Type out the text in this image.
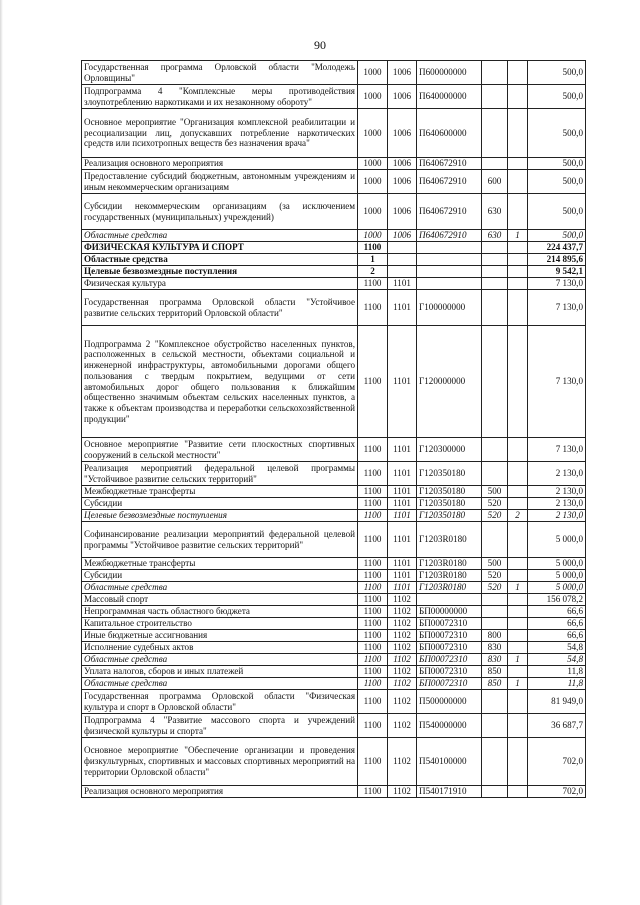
90
Государственная программа Орловской области "Молодежь Орловщины"	1000	1006	П600000000			500,0
Подпрограмма 4 "Комплексные меры противодействия злоупотреблению наркотиками и их незаконному обороту"	1000	1006	П640000000			500,0
Основное мероприятие "Организация комплексной реабилитации и ресоциализации лиц, допускавших потребление наркотических средств или психотропных веществ без назначения врача"	1000	1006	П640600000			500,0
Реализация основного мероприятия	1000	1006	П640672910			500,0
Предоставление субсидий бюджетным, автономным учреждениям и иным некоммерческим организациям	1000	1006	П640672910	600		500,0
Субсидии некоммерческим организациям (за исключением государственных (муниципальных) учреждений)	1000	1006	П640672910	630		500,0
Областные средства	1000	1006	П640672910	630	1	500,0
ФИЗИЧЕСКАЯ КУЛЬТУРА И СПОРТ	1100					224 437,7
Областные средства	1					214 895,6
Целевые безвозмездные поступления	2					9 542,1
Физическая культура	1100	1101				7 130,0
Государственная программа Орловской области "Устойчивое развитие сельских территорий Орловской области"	1100	1101	Г100000000			7 130,0
Подпрограмма 2 "Комплексное обустройство населенных пунктов, расположенных в сельской местности, объектами социальной и инженерной инфраструктуры, автомобильными дорогами общего пользования с твердым покрытием, ведущими от сети автомобильных дорог общего пользования к ближайшим общественно значимым объектам сельских населенных пунктов, а также к объектам производства и переработки сельскохозяйственной продукции"	1100	1101	Г120000000			7 130,0
Основное мероприятие "Развитие сети плоскостных спортивных сооружений в сельской местности"	1100	1101	Г120300000			7 130,0
Реализация мероприятий федеральной целевой программы "Устойчивое развитие сельских территорий"	1100	1101	Г120350180			2 130,0
Межбюджетные трансферты	1100	1101	Г120350180	500		2 130,0
Субсидии	1100	1101	Г120350180	520		2 130,0
Целевые безвозмездные поступления	1100	1101	Г120350180	520	2	2 130,0
Софинансирование реализации мероприятий федеральной целевой программы "Устойчивое развитие сельских территорий"	1100	1101	Г1203R0180			5 000,0
Межбюджетные трансферты	1100	1101	Г1203R0180	500		5 000,0
Субсидии	1100	1101	Г1203R0180	520		5 000,0
Областные средства	1100	1101	Г1203R0180	520	1	5 000,0
Массовый спорт	1100	1102				156 078,2
Непрограммная часть областного бюджета	1100	1102	БП00000000			66,6
Капитальное строительство	1100	1102	БП00072310			66,6
Иные бюджетные ассигнования	1100	1102	БП00072310	800		66,6
Исполнение судебных актов	1100	1102	БП00072310	830		54,8
Областные средства	1100	1102	БП00072310	830	1	54,8
Уплата налогов, сборов и иных платежей	1100	1102	БП00072310	850		11,8
Областные средства	1100	1102	БП00072310	850	1	11,8
Государственная программа Орловской области "Физическая культура и спорт в Орловской области"	1100	1102	П500000000			81 949,0
Подпрограмма 4 "Развитие массового спорта и учреждений физической культуры и спорта"	1100	1102	П540000000			36 687,7
Основное мероприятие "Обеспечение организации и проведения физкультурных, спортивных и массовых спортивных мероприятий на территории Орловской области"	1100	1102	П540100000			702,0
Реализация основного мероприятия	1100	1102	П540171910			702,0
